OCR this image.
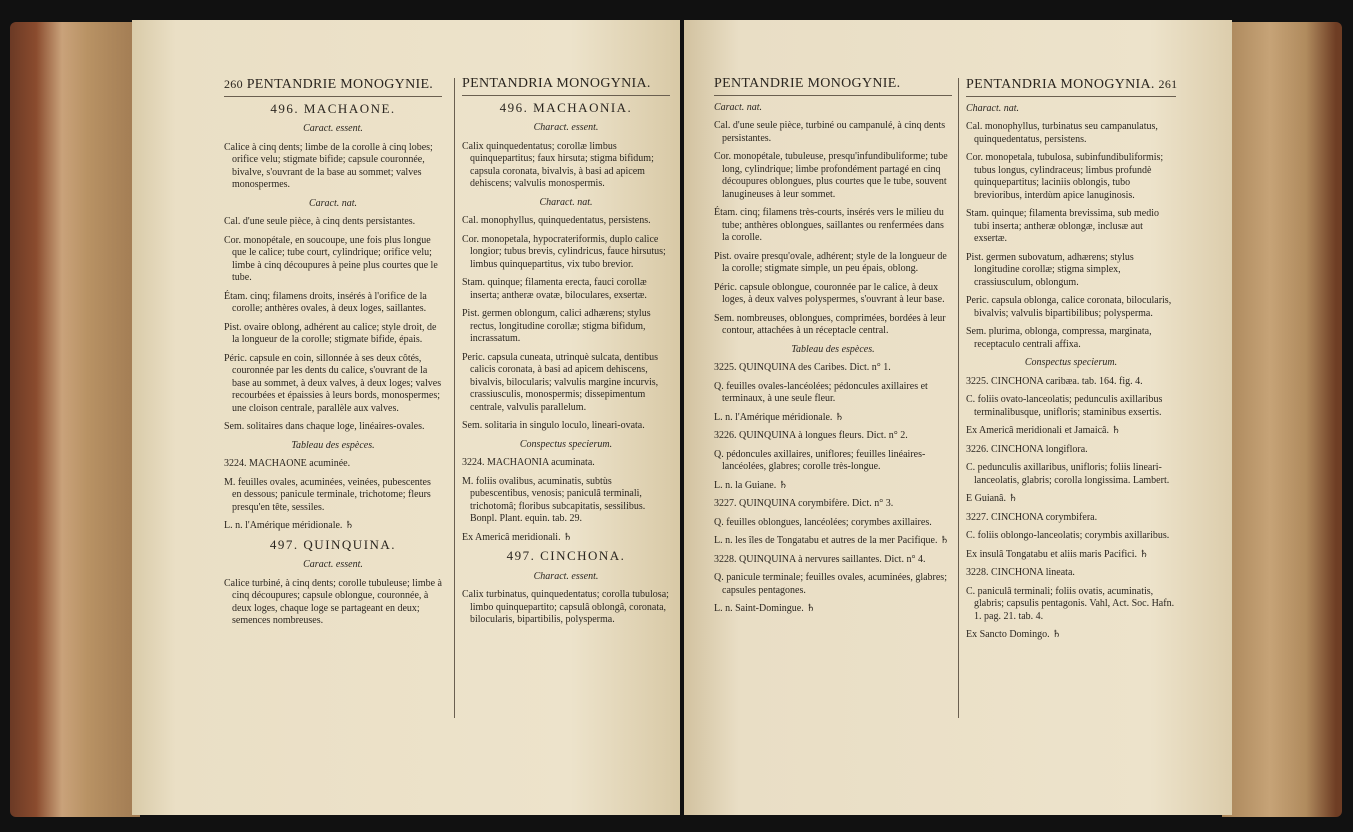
260 PENTANDRIE MONOGYNIE.
496. MACHAONE.
Caract. essent.

Calice à cinq dents; limbe de la corolle à cinq lobes; orifice velu; stigmate bifide; capsule couronnée, bivalve, s'ouvrant de la base au sommet; valves monospermes.

Caract. nat.

Cal. d'une seule pièce, à cinq dents persistantes.

Cor. monopétale, en soucoupe, une fois plus longue que le calice; tube court, cylindrique; orifice velu; limbe à cinq découpures à peine plus courtes que le tube.

Étam. cinq; filamens droits, insérés à l'orifice de la corolle; anthères ovales, à deux loges, saillantes.

Pist. ovaire oblong, adhérent au calice; style droit, de la longueur de la corolle; stigmate bifide, épais.

Péric. capsule en coin, sillonnée à ses deux côtés, couronnée par les dents du calice, s'ouvrant de la base au sommet, à deux valves, à deux loges; valves recourbées et épaissies à leurs bords, monospermes; une cloison centrale, parallèle aux valves.

Sem. solitaires dans chaque loge, linéaires-ovales.

Tableau des espèces.

3224. MACHAONE acuminée.

M. feuilles ovales, acuminées, veinées, pubescentes en dessous; panicule terminale, trichotome; fleurs presqu'en tête, sessiles.

L. n. l'Amérique méridionale. ♄

497. QUINQUINA.
Caract. essent.

Calice turbiné, à cinq dents; corolle tubuleuse; limbe à cinq découpures; capsule oblongue, couronnée, à deux loges, chaque loge se partageant en deux; semences nombreuses.

PENTANDRIA MONOGYNIA.
496. MACHAONIA.
Charact. essent.

Calix quinquedentatus; corollæ limbus quinquepartitus; faux hirsuta; stigma bifidum; capsula coronata, bivalvis, à basi ad apicem dehiscens; valvulis monospermis.

Charact. nat.

Cal. monophyllus, quinquedentatus, persistens.

Cor. monopetala, hypocrateriformis, duplo calice longior; tubus brevis, cylindricus, fauce hirsutus; limbus quinquepartitus, vix tubo brevior.

Stam. quinque; filamenta erecta, fauci corollæ inserta; antheræ ovatæ, biloculares, exsertæ.

Pist. germen oblongum, calici adhærens; stylus rectus, longitudine corollæ; stigma bifidum, incrassatum.

Peric. capsula cuneata, utrinquè sulcata, dentibus calicis coronata, à basi ad apicem dehiscens, bivalvis, bilocularis; valvulis margine incurvis, crassiusculis, monospermis; dissepimentum centrale, valvulis parallelum.

Sem. solitaria in singulo loculo, lineari-ovata.

Conspectus specierum.

3224. MACHAONIA acuminata.

M. foliis ovalibus, acuminatis, subtùs pubescentibus, venosis; paniculâ terminali, trichotomâ; floribus subcapitatis, sessilibus. Bonpl. Plant. equin. tab. 29.

Ex Americâ meridionali. ♄

497. CINCHONA.
Charact. essent.

Calix turbinatus, quinquedentatus; corolla tubulosa; limbo quinquepartito; capsulâ oblongâ, coronata, bilocularis, bipartibilis, polysperma.

PENTANDRIE MONOGYNIE.
Caract. nat.

Cal. d'une seule pièce, turbiné ou campanulé, à cinq dents persistantes.

Cor. monopétale, tubuleuse, presqu'infundibuliforme; tube long, cylindrique; limbe profondément partagé en cinq découpures oblongues, plus courtes que le tube, souvent lanugineuses à leur sommet.

Étam. cinq; filamens très-courts, insérés vers le milieu du tube; anthères oblongues, saillantes ou renfermées dans la corolle.

Pist. ovaire presqu'ovale, adhérent; style de la longueur de la corolle; stigmate simple, un peu épais, oblong.

Péric. capsule oblongue, couronnée par le calice, à deux loges, à deux valves polyspermes, s'ouvrant à leur base.

Sem. nombreuses, oblongues, comprimées, bordées à leur contour, attachées à un réceptacle central.

Tableau des espèces.

3225. QUINQUINA des Caribes. Dict. n° 1.

Q. feuilles ovales-lancéolées; pédoncules axillaires et terminaux, à une seule fleur.

L. n. l'Amérique méridionale. ♄

3226. QUINQUINA à longues fleurs. Dict. n° 2.

Q. pédoncules axillaires, uniflores; feuilles linéaires-lancéolées, glabres; corolle très-longue.

L. n. la Guiane. ♄

3227. QUINQUINA corymbifère. Dict. n° 3.

Q. feuilles oblongues, lancéolées; corymbes axillaires.

L. n. les îles de Tongatabu et autres de la mer Pacifique. ♄

3228. QUINQUINA à nervures saillantes. Dict. n° 4.

Q. panicule terminale; feuilles ovales, acuminées, glabres; capsules pentagones.

L. n. Saint-Domingue. ♄

PENTANDRIA MONOGYNIA. 261
Charact. nat.

Cal. monophyllus, turbinatus seu campanulatus, quinquedentatus, persistens.

Cor. monopetala, tubulosa, subinfundibuliformis; tubus longus, cylindraceus; limbus profundè quinquepartitus; laciniis oblongis, tubo brevioribus, interdùm apice lanuginosis.

Stam. quinque; filamenta brevissima, sub medio tubi inserta; antheræ oblongæ, inclusæ aut exsertæ.

Pist. germen subovatum, adhærens; stylus longitudine corollæ; stigma simplex, crassiusculum, oblongum.

Peric. capsula oblonga, calice coronata, bilocularis, bivalvis; valvulis bipartibilibus; polysperma.

Sem. plurima, oblonga, compressa, marginata, receptaculo centrali affixa.

Conspectus specierum.

3225. CINCHONA caribæa. tab. 164. fig. 4.

C. foliis ovato-lanceolatis; pedunculis axillaribus terminalibusque, unifloris; staminibus exsertis.

Ex Americâ meridionali et Jamaicâ. ♄

3226. CINCHONA longiflora.

C. pedunculis axillaribus, unifloris; foliis lineari-lanceolatis, glabris; corolla longissima. Lambert.

E Guianâ. ♄

3227. CINCHONA corymbifera.

C. foliis oblongo-lanceolatis; corymbis axillaribus.

Ex insulâ Tongatabu et aliis maris Pacifici. ♄

3228. CINCHONA lineata.

C. paniculâ terminali; foliis ovatis, acuminatis, glabris; capsulis pentagonis. Vahl, Act. Soc. Hafn. 1. pag. 21. tab. 4.

Ex Sancto Domingo. ♄
